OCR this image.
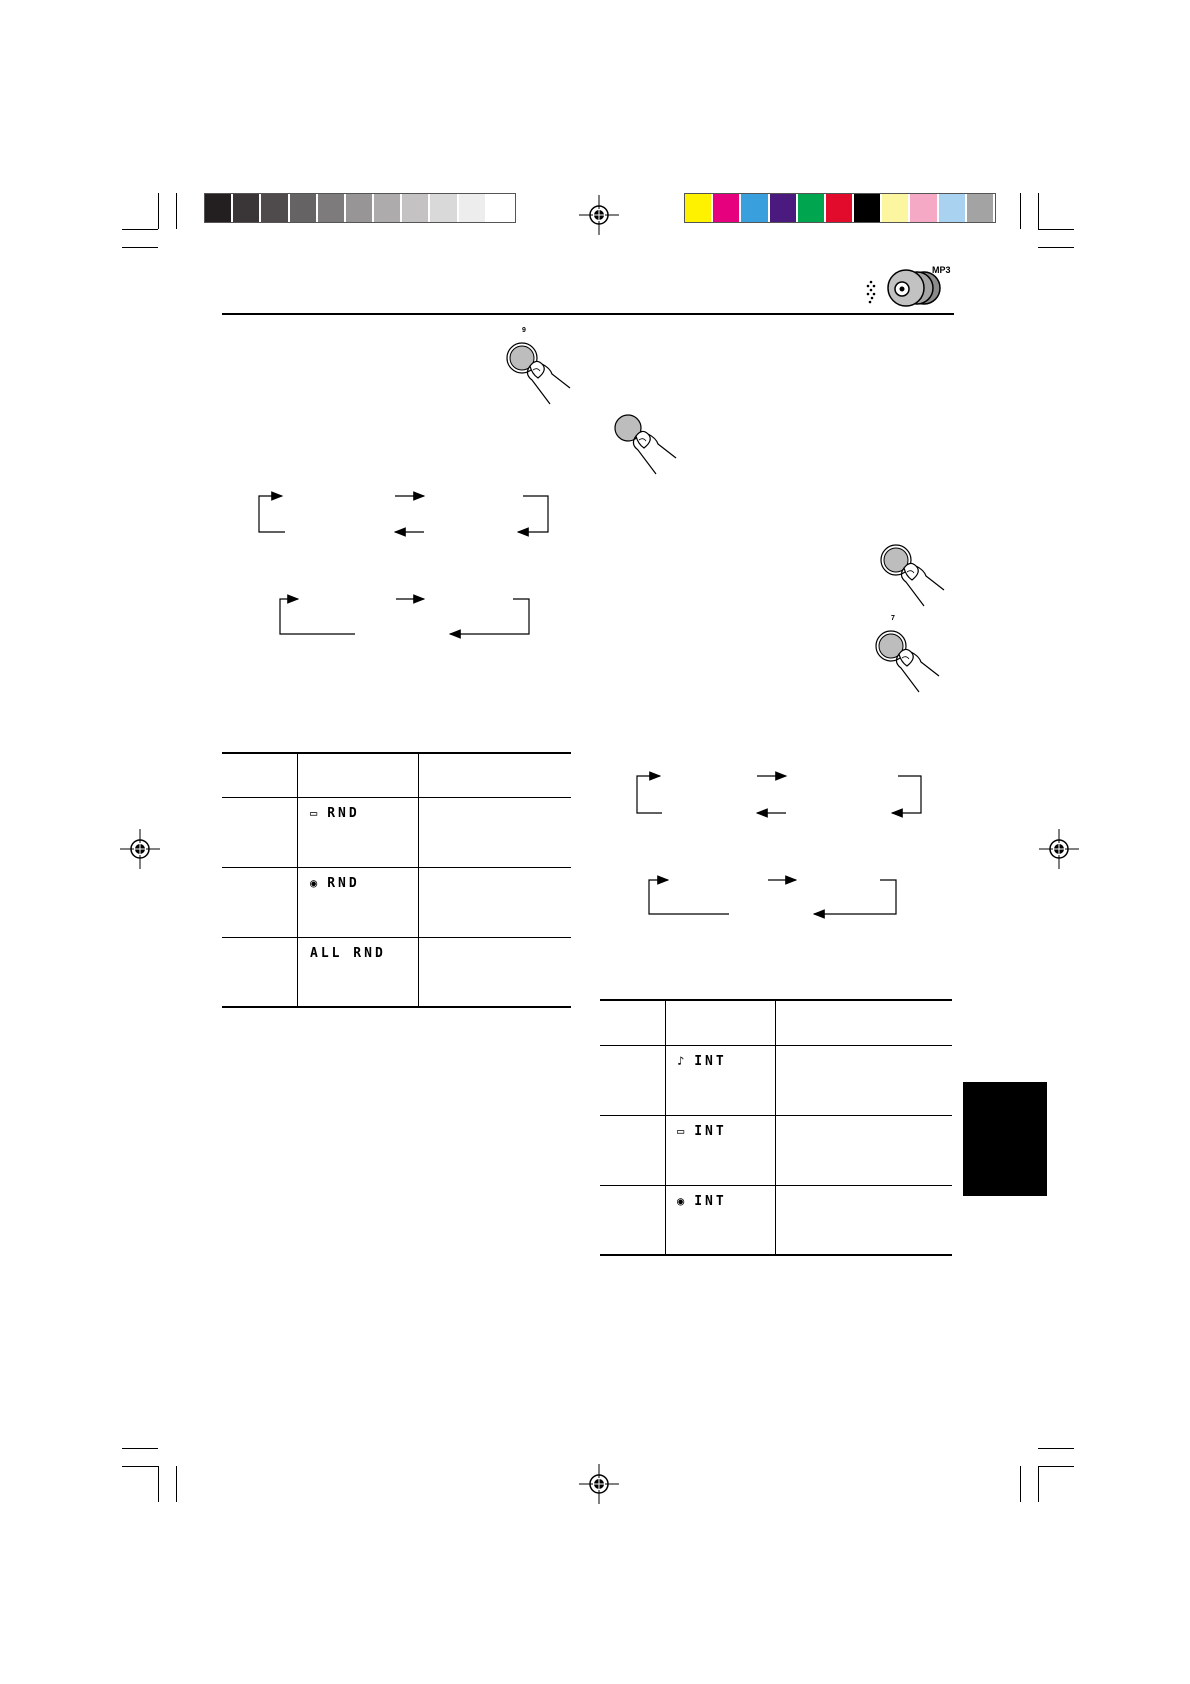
MP3
9
7
▭ RND
◉ RND
ALL RND
♪ INT
▭ INT
◉ INT
